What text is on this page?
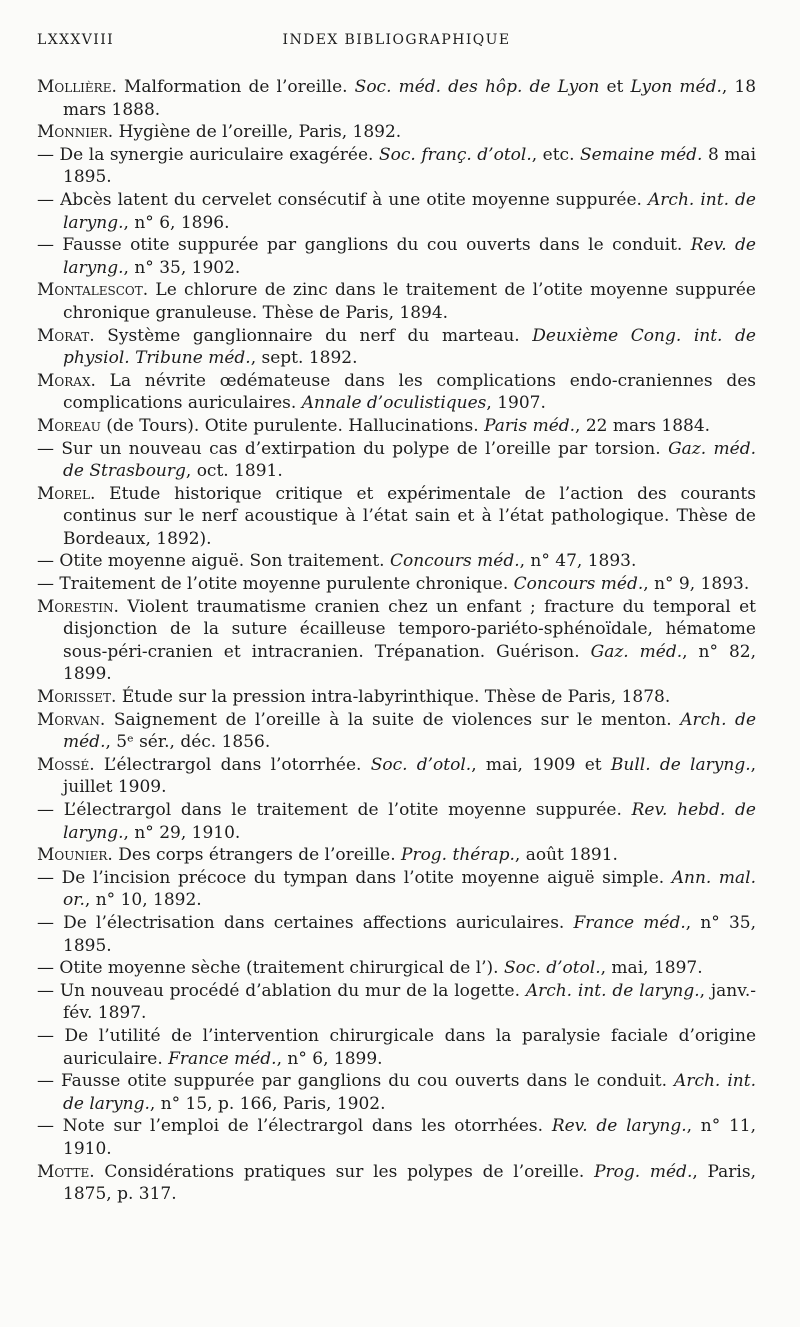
LXXXVIII	INDEX BIBLIOGRAPHIQUE
Mollière. Malformation de l’oreille. Soc. méd. des hôp. de Lyon et Lyon méd., 18 mars 1888.
Monnier. Hygiène de l’oreille, Paris, 1892.
— De la synergie auriculaire exagérée. Soc. franç. d’otol., etc. Semaine méd. 8 mai 1895.
— Abcès latent du cervelet consécutif à une otite moyenne suppurée. Arch. int. de laryng., n° 6, 1896.
— Fausse otite suppurée par ganglions du cou ouverts dans le conduit. Rev. de laryng., n° 35, 1902.
Montalescot. Le chlorure de zinc dans le traitement de l’otite moyenne suppurée chronique granuleuse. Thèse de Paris, 1894.
Morat. Système ganglionnaire du nerf du marteau. Deuxième Cong. int. de physiol. Tribune méd., sept. 1892.
Morax. La névrite œdémateuse dans les complications endo-craniennes des complications auriculaires. Annale d’oculistiques, 1907.
Moreau (de Tours). Otite purulente. Hallucinations. Paris méd., 22 mars 1884.
— Sur un nouveau cas d’extirpation du polype de l’oreille par torsion. Gaz. méd. de Strasbourg, oct. 1891.
Morel. Etude historique critique et expérimentale de l’action des courants continus sur le nerf acoustique à l’état sain et à l’état pathologique. Thèse de Bordeaux, 1892).
— Otite moyenne aiguë. Son traitement. Concours méd., n° 47, 1893.
— Traitement de l’otite moyenne purulente chronique. Concours méd., n° 9, 1893.
Morestin. Violent traumatisme cranien chez un enfant ; fracture du temporal et disjonction de la suture écailleuse temporo-pariéto-sphénoïdale, hématome sous-péri-cranien et intracranien. Trépanation. Guérison. Gaz. méd., n° 82, 1899.
Morisset. Étude sur la pression intra-labyrinthique. Thèse de Paris, 1878.
Morvan. Saignement de l’oreille à la suite de violences sur le menton. Arch. de méd., 5ᵉ sér., déc. 1856.
Mossé. L’électrargol dans l’otorrhée. Soc. d’otol., mai, 1909 et Bull. de laryng., juillet 1909.
— L’électrargol dans le traitement de l’otite moyenne suppurée. Rev. hebd. de laryng., n° 29, 1910.
Mounier. Des corps étrangers de l’oreille. Prog. thérap., août 1891.
— De l’incision précoce du tympan dans l’otite moyenne aiguë simple. Ann. mal. or., n° 10, 1892.
— De l’électrisation dans certaines affections auriculaires. France méd., n° 35, 1895.
— Otite moyenne sèche (traitement chirurgical de l’). Soc. d’otol., mai, 1897.
— Un nouveau procédé d’ablation du mur de la logette. Arch. int. de laryng., janv.-fév. 1897.
— De l’utilité de l’intervention chirurgicale dans la paralysie faciale d’origine auriculaire. France méd., n° 6, 1899.
— Fausse otite suppurée par ganglions du cou ouverts dans le conduit. Arch. int. de laryng., n° 15, p. 166, Paris, 1902.
— Note sur l’emploi de l’électrargol dans les otorrhées. Rev. de laryng., n° 11, 1910.
Motte. Considérations pratiques sur les polypes de l’oreille. Prog. méd., Paris, 1875, p. 317.
